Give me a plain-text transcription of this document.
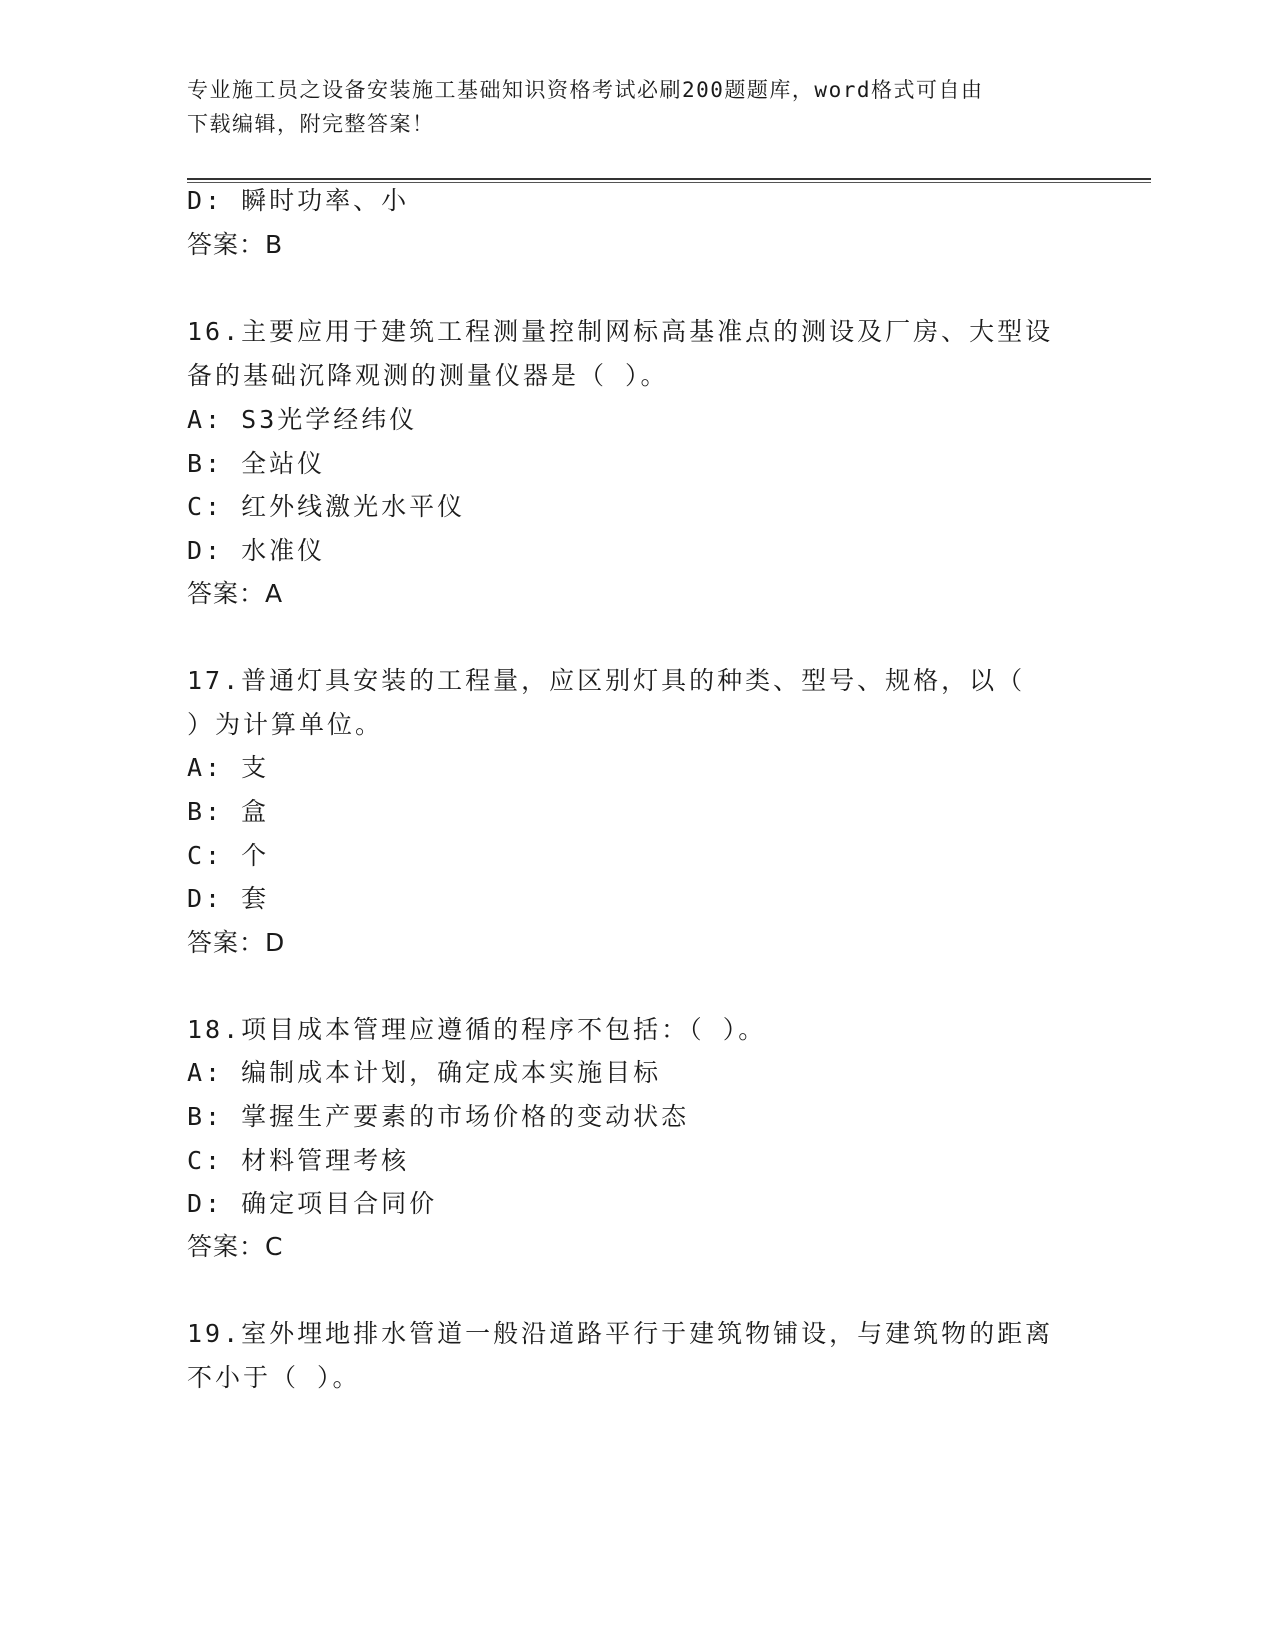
专业施工员之设备安装施工基础知识资格考试必刷200题题库，word格式可自由
下载编辑，附完整答案！
D: 瞬时功率、小
答案：B
16.主要应用于建筑工程测量控制网标高基准点的测设及厂房、大型设
备的基础沉降观测的测量仪器是（ ）。
A: S3光学经纬仪
B: 全站仪
C: 红外线激光水平仪
D: 水准仪
答案：A
17.普通灯具安装的工程量，应区别灯具的种类、型号、规格，以（
）为计算单位。
A: 支
B: 盒
C: 个
D: 套
答案：D
18.项目成本管理应遵循的程序不包括：（ ）。
A: 编制成本计划，确定成本实施目标
B: 掌握生产要素的市场价格的变动状态
C: 材料管理考核
D: 确定项目合同价
答案：C
19.室外埋地排水管道一般沿道路平行于建筑物铺设，与建筑物的距离
不小于（ ）。
